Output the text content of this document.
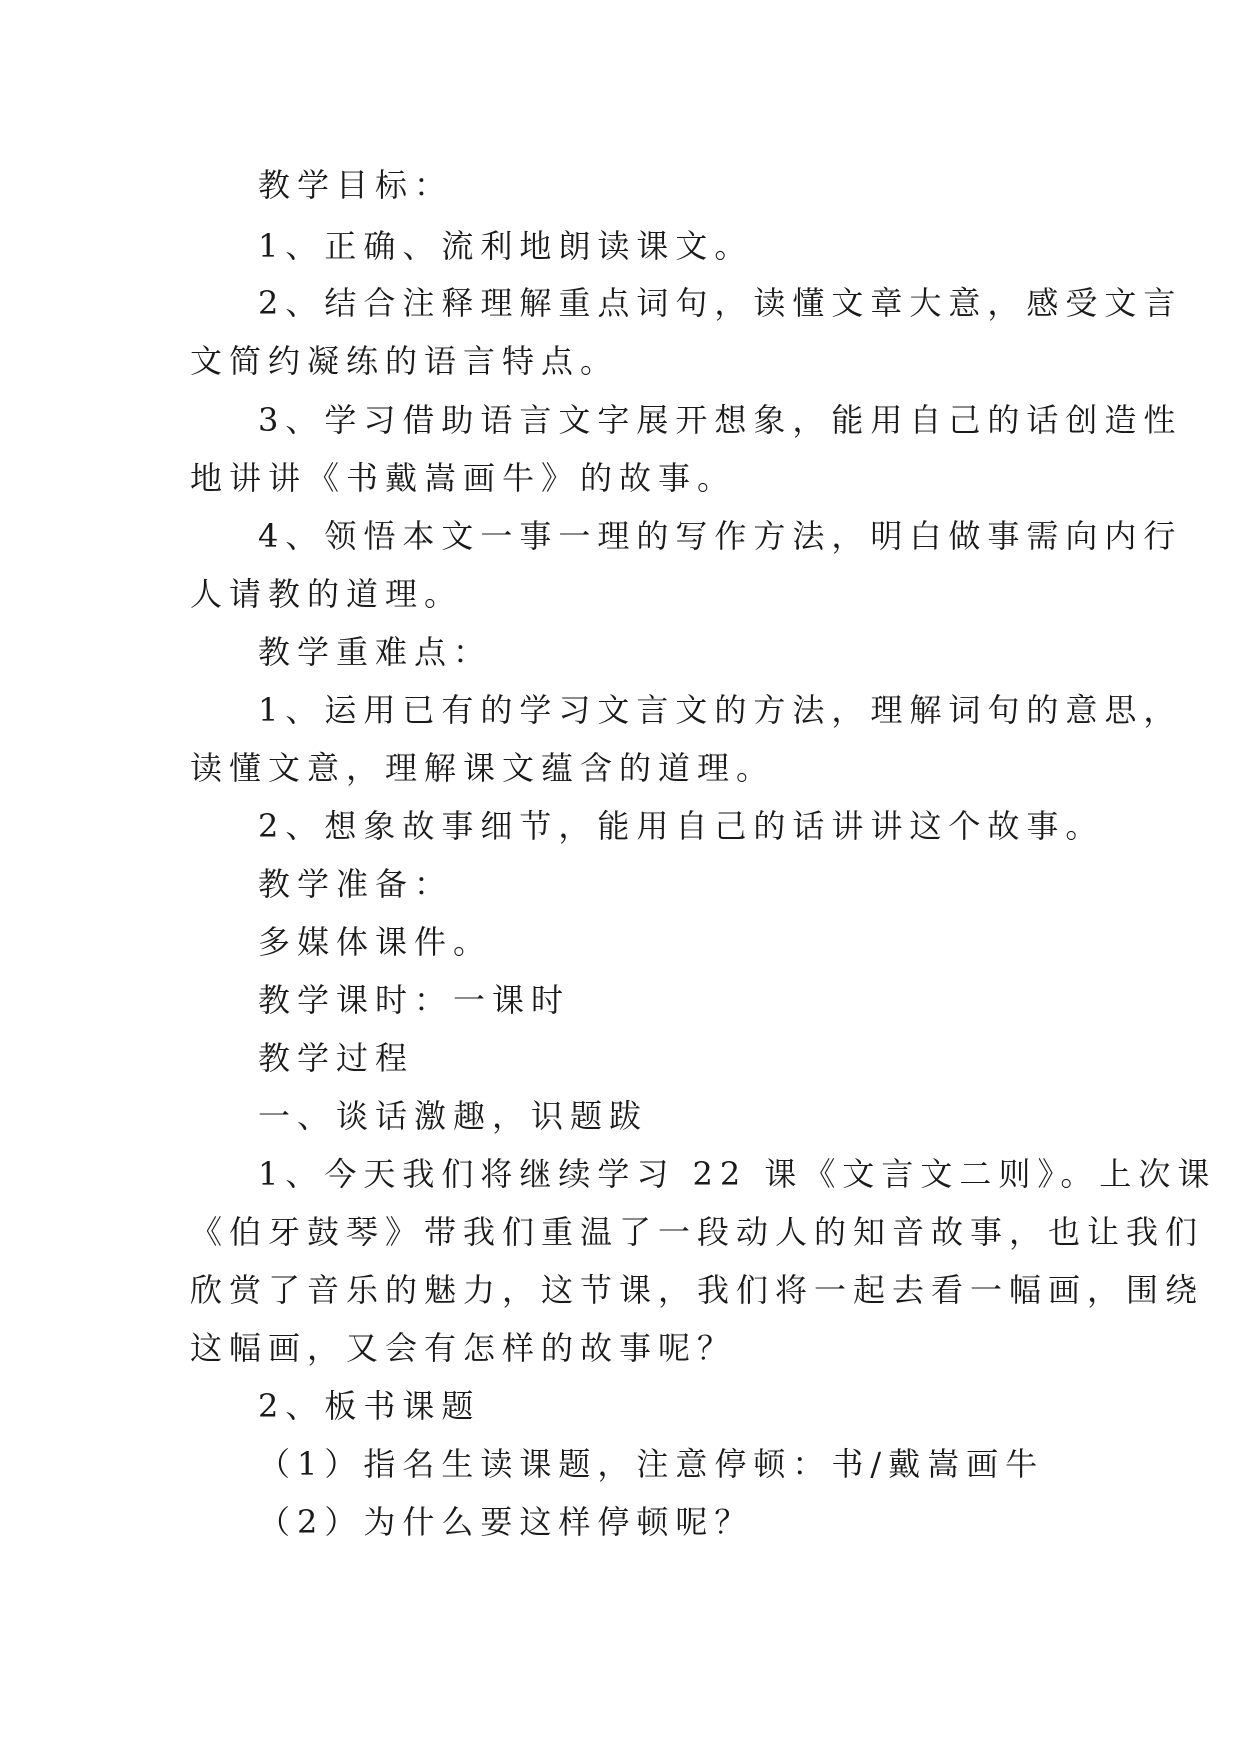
教学目标：

1、正确、流利地朗读课文。

2、结合注释理解重点词句，读懂文章大意，感受文言

文简约凝练的语言特点。

3、学习借助语言文字展开想象，能用自己的话创造性

地讲讲《书戴嵩画牛》的故事。

4、领悟本文一事一理的写作方法，明白做事需向内行

人请教的道理。

教学重难点：

1、运用已有的学习文言文的方法，理解词句的意思，

读懂文意，理解课文蕴含的道理。

2、想象故事细节，能用自己的话讲讲这个故事。

教学准备：

多媒体课件。

教学课时：一课时

教学过程

一、谈话激趣，识题跋

1、今天我们将继续学习 22 课《文言文二则》。上次课

《伯牙鼓琴》带我们重温了一段动人的知音故事，也让我们

欣赏了音乐的魅力，这节课，我们将一起去看一幅画，围绕

这幅画，又会有怎样的故事呢？

2、板书课题

（1）指名生读课题，注意停顿：书/戴嵩画牛

（2）为什么要这样停顿呢？
